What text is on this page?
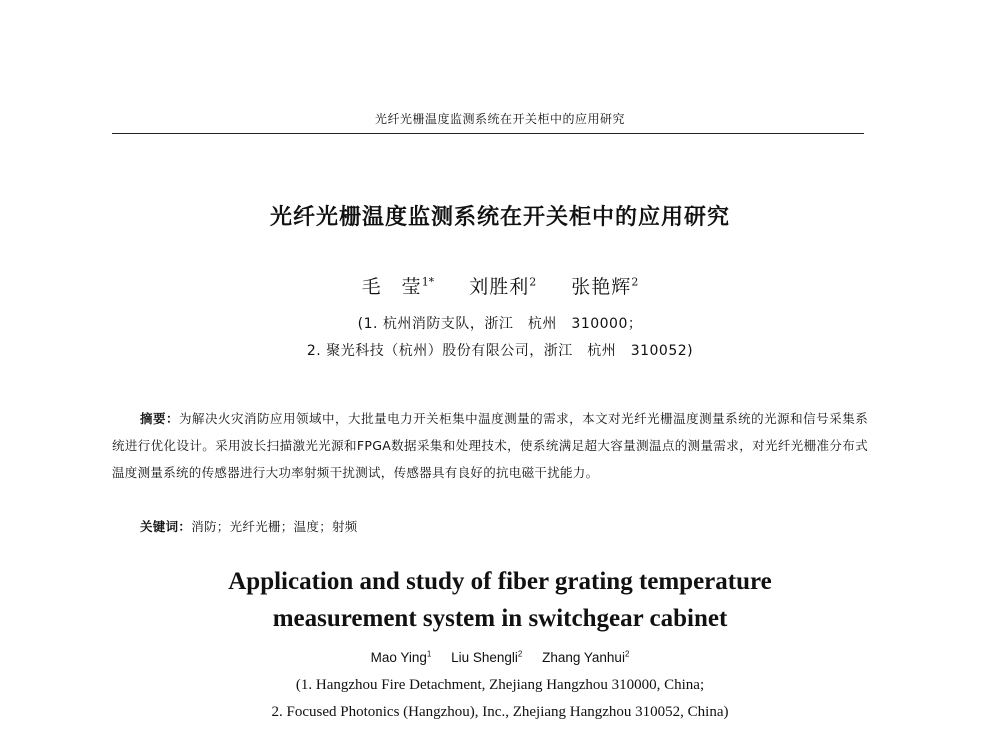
光纤光栅温度监测系统在开关柜中的应用研究
光纤光栅温度监测系统在开关柜中的应用研究
毛　莹$^{1*}$ 刘胜利$^2$ 张艳辉$^2$
(1. 杭州消防支队，浙江　杭州　310000；
2. 聚光科技（杭州）股份有限公司，浙江　杭州　310052)
摘要：为解决火灾消防应用领域中，大批量电力开关柜集中温度测量的需求，本文对光纤光栅温度测量系统的光源和信号采集系统进行优化设计。采用波长扫描激光光源和FPGA数据采集和处理技术，使系统满足超大容量测温点的测量需求，对光纤光栅准分布式温度测量系统的传感器进行大功率射频干扰测试，传感器具有良好的抗电磁干扰能力。
关键词：消防；光纤光栅；温度；射频
Application and study of fiber grating temperature
measurement system in switchgear cabinet
Mao Ying$^1$ Liu Shengli$^2$ Zhang Yanhui$^2$
(1. Hangzhou Fire Detachment, Zhejiang Hangzhou 310000, China;
2. Focused Photonics (Hangzhou), Inc., Zhejiang Hangzhou 310052, China)
